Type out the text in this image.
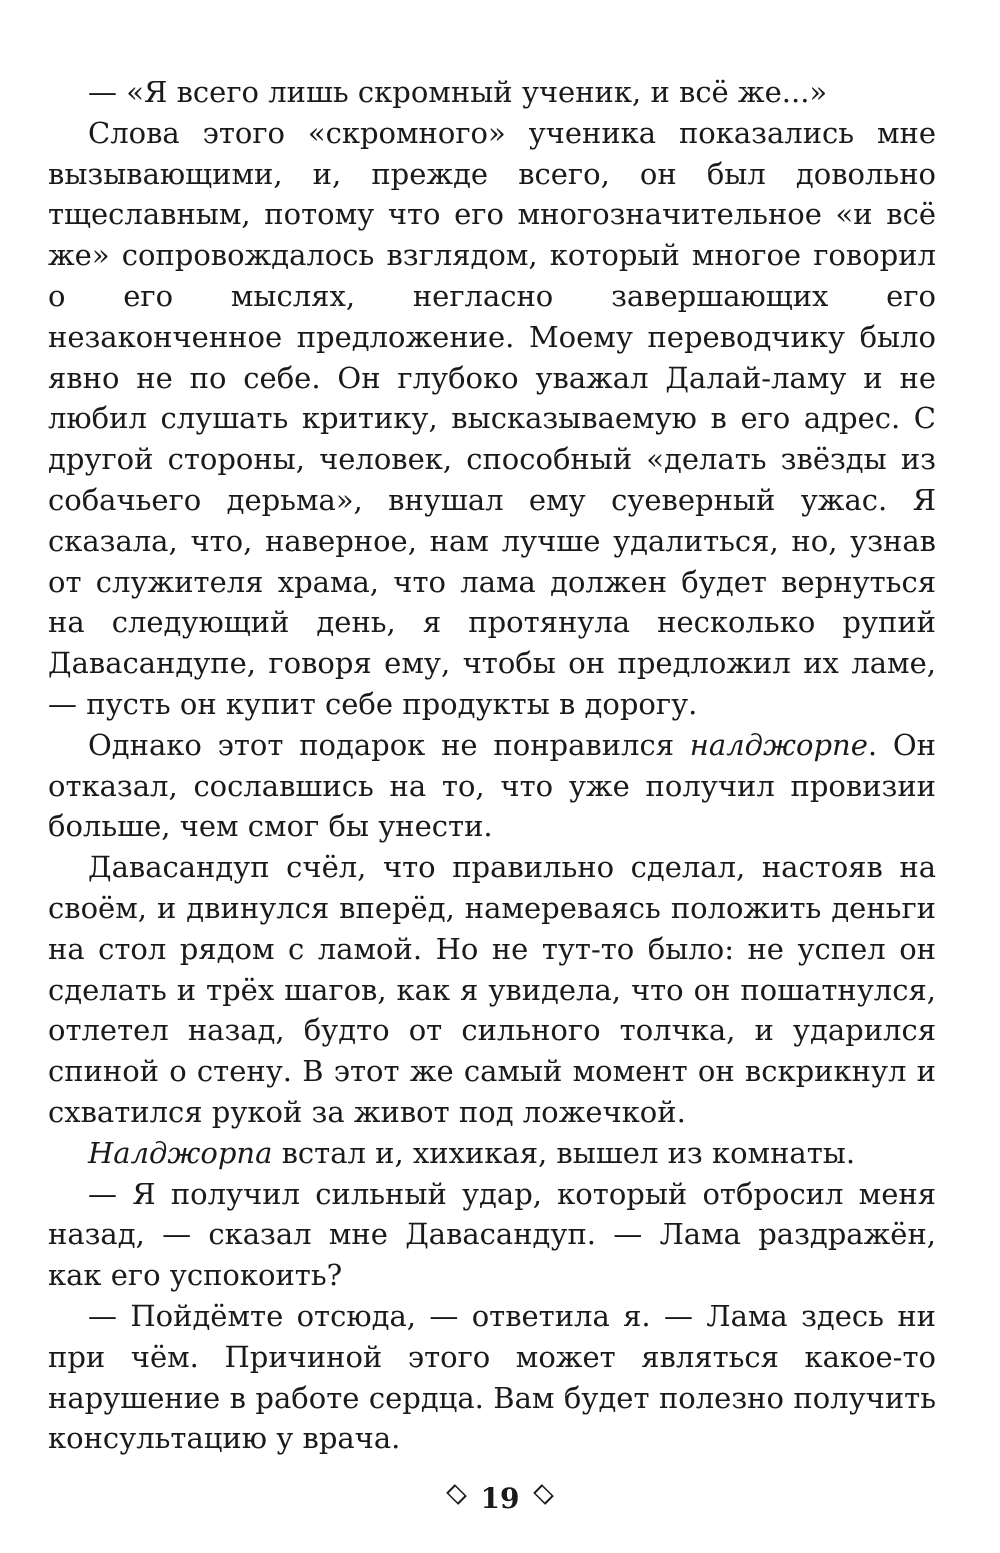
— «Я всего лишь скромный ученик, и всё же...»

Слова этого «скромного» ученика показались мне вызывающими, и, прежде всего, он был довольно тщеславным, потому что его многозначительное «и всё же» сопровождалось взглядом, который многое говорил о его мыслях, негласно завершающих его незаконченное предложение. Моему переводчику было явно не по себе. Он глубоко уважал Далай-ламу и не любил слушать критику, высказываемую в его адрес. С другой стороны, человек, способный «делать звёзды из собачьего дерьма», внушал ему суеверный ужас. Я сказала, что, наверное, нам лучше удалиться, но, узнав от служителя храма, что лама должен будет вернуться на следующий день, я протянула несколько рупий Давасандупе, говоря ему, чтобы он предложил их ламе, — пусть он купит себе продукты в дорогу.

Однако этот подарок не понравился налджорпе. Он отказал, сославшись на то, что уже получил провизии больше, чем смог бы унести.

Давасандуп счёл, что правильно сделал, настояв на своём, и двинулся вперёд, намереваясь положить деньги на стол рядом с ламой. Но не тут-то было: не успел он сделать и трёх шагов, как я увидела, что он пошатнулся, отлетел назад, будто от сильного толчка, и ударился спиной о стену. В этот же самый момент он вскрикнул и схватился рукой за живот под ложечкой.

Налджорпа встал и, хихикая, вышел из комнаты.

— Я получил сильный удар, который отбросил меня назад, — сказал мне Давасандуп. — Лама раздражён, как его успокоить?

— Пойдёмте отсюда, — ответила я. — Лама здесь ни при чём. Причиной этого может являться какое-то нарушение в работе сердца. Вам будет полезно получить консультацию у врача.

19
